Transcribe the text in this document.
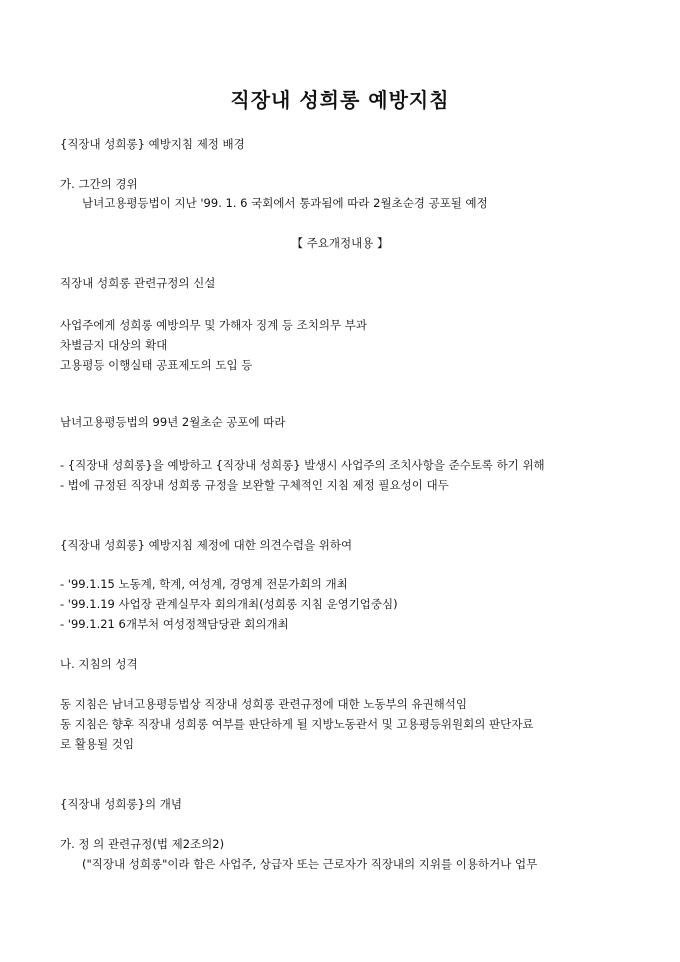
직장내 성희롱 예방지침

{직장내 성희롱} 예방지침 제정 배경

가. 그간의 경위

남녀고용평등법이 지난 '99. 1. 6 국회에서 통과됨에 따라 2월초순경 공포될 예정

【 주요개정내용 】

직장내 성희롱 관련규정의 신설

사업주에게 성희롱 예방의무 및 가해자 징계 등 조치의무 부과

차별금지 대상의 확대

고용평등 이행실태 공표제도의 도입 등

남녀고용평등법의 99년 2월초순 공포에 따라

- {직장내 성희롱}을 예방하고 {직장내 성희롱} 발생시 사업주의 조치사항을 준수토록 하기 위해

- 법에 규정된 직장내 성희롱 규정을 보완할 구체적인 지침 제정 필요성이 대두

{직장내 성희롱} 예방지침 제정에 대한 의견수렴을 위하여

- '99.1.15 노동계, 학계, 여성계, 경영계 전문가회의 개최

- '99.1.19 사업장 관계실무자 회의개최(성희롱 지침 운영기업중심)

- '99.1.21 6개부처 여성정책담당관 회의개최

나. 지침의 성격

동 지침은 남녀고용평등법상 직장내 성희롱 관련규정에 대한 노동부의 유권해석임

동 지침은 향후 직장내 성희롱 여부를 판단하게 될 지방노동관서 및 고용평등위원회의 판단자료

로 활용될 것임

{직장내 성희롱}의 개념

가. 정 의 관련규정(법 제2조의2)

("직장내 성희롱"이라 함은 사업주, 상급자 또는 근로자가 직장내의 지위를 이용하거나 업무
